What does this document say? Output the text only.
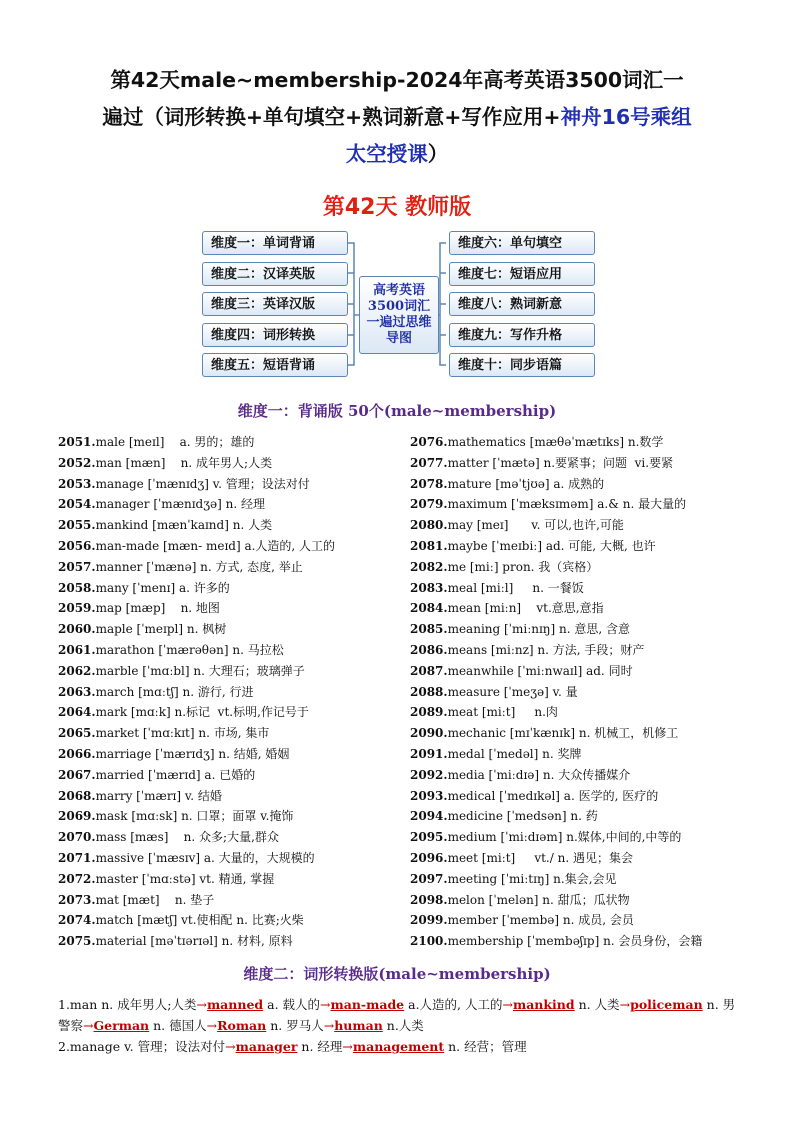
第42天male~membership-2024年高考英语3500词汇一
遍过（词形转换+单句填空+熟词新意+写作应用+神舟16号乘组
太空授课）
第42天 教师版
维度一：单词背诵
维度二：汉译英版
维度三：英译汉版
维度四：词形转换
维度五：短语背诵
高考英语3500词汇一遍过思维导图
维度六：单句填空
维度七：短语应用
维度八：熟词新意
维度九：写作升格
维度十：同步语篇
维度一：背诵版 50个(male~membership)
2051.male [meɪl]    a. 男的；雄的
2052.man [mæn]    n. 成年男人;人类
2053.manage [ˈmænɪdʒ] v. 管理；设法对付
2054.manager [ˈmænɪdʒə] n. 经理
2055.mankind [mænˈkaɪnd] n. 人类
2056.man-made [mæn- meɪd] a.人造的, 人工的
2057.manner [ˈmænə] n. 方式, 态度, 举止
2058.many [ˈmenɪ] a. 许多的
2059.map [mæp]    n. 地图
2060.maple [ˈmeɪpl] n. 枫树
2061.marathon [ˈmærəθən] n. 马拉松
2062.marble [ˈmɑːbl] n. 大理石；玻璃弹子
2063.march [mɑːtʃ] n. 游行, 行进
2064.mark [mɑːk] n.标记  vt.标明,作记号于
2065.market [ˈmɑːkɪt] n. 市场, 集市
2066.marriage [ˈmærɪdʒ] n. 结婚, 婚姻
2067.married [ˈmærɪd] a. 已婚的
2068.marry [ˈmærɪ] v. 结婚
2069.mask [mɑːsk] n. 口罩；面罩 v.掩饰
2070.mass [mæs]    n. 众多;大量,群众
2071.massive [ˈmæsɪv] a. 大量的，大规模的
2072.master [ˈmɑːstə] vt. 精通, 掌握
2073.mat [mæt]    n. 垫子
2074.match [mætʃ] vt.使相配 n. 比赛;火柴
2075.material [məˈtɪərɪəl] n. 材料, 原料
2076.mathematics [mæθəˈmætɪks] n.数学
2077.matter [ˈmætə] n.要紧事；问题  vi.要紧
2078.mature [məˈtjʊə] a. 成熟的
2079.maximum [ˈmæksɪməm] a.& n. 最大量的
2080.may [meɪ]      v. 可以,也许,可能
2081.maybe [ˈmeɪbiː] ad. 可能, 大概, 也许
2082.me [miː] pron. 我（宾格）
2083.meal [miːl]     n. 一餐饭
2084.mean [miːn]    vt.意思,意指
2085.meaning [ˈmiːnɪŋ] n. 意思, 含意
2086.means [miːnz] n. 方法, 手段；财产
2087.meanwhile [ˈmiːnwaɪl] ad. 同时
2088.measure [ˈmeʒə] v. 量
2089.meat [miːt]     n.肉
2090.mechanic [mɪˈkænɪk] n. 机械工，机修工
2091.medal [ˈmedəl] n. 奖牌
2092.media [ˈmiːdɪə] n. 大众传播媒介
2093.medical [ˈmedɪkəl] a. 医学的, 医疗的
2094.medicine [ˈmedsən] n. 药
2095.medium [ˈmiːdɪəm] n.媒体,中间的,中等的
2096.meet [miːt]     vt./ n. 遇见；集会
2097.meeting [ˈmiːtɪŋ] n.集会,会见
2098.melon [ˈmelən] n. 甜瓜；瓜状物
2099.member [ˈmembə] n. 成员, 会员
2100.membership [ˈmembəʃɪp] n. 会员身份，会籍
维度二：词形转换版(male~membership)
1.man n. 成年男人;人类→manned a. 载人的→man-made a.人造的, 人工的→mankind n. 人类→policeman n. 男
警察→German n. 德国人→Roman n. 罗马人→human n.人类
2.manage v. 管理；设法对付→manager n. 经理→management n. 经营；管理
